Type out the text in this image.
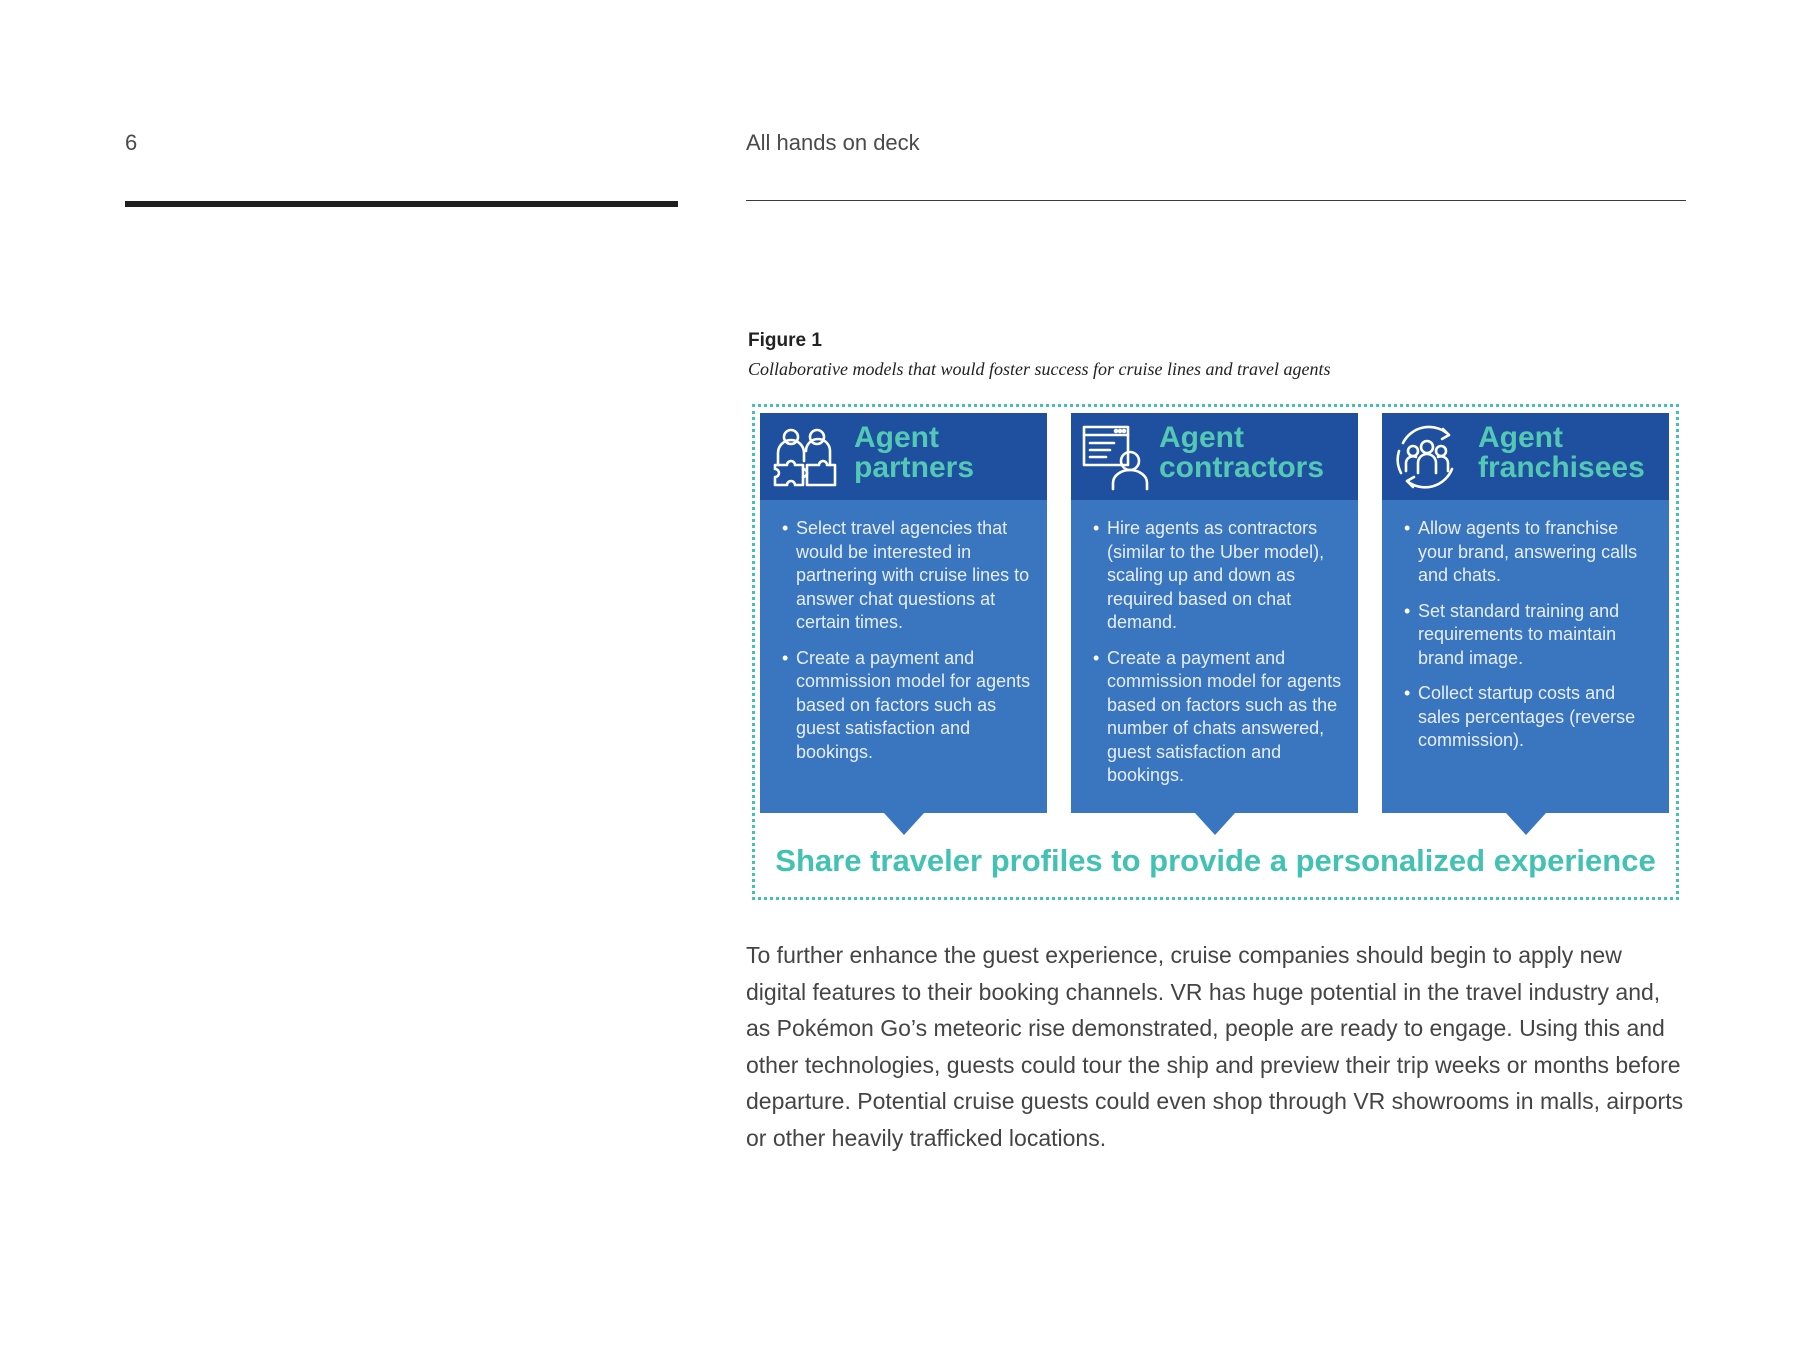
6	All hands on deck
Figure 1
Collaborative models that would foster success for cruise lines and travel agents
Agent
partners
• Select travel agencies that would be interested in partnering with cruise lines to answer chat questions at certain times.
• Create a payment and commission model for agents based on factors such as guest satisfaction and bookings.
Agent
contractors
• Hire agents as contractors (similar to the Uber model), scaling up and down as required based on chat demand.
• Create a payment and commission model for agents based on factors such as the number of chats answered, guest satisfaction and bookings.
Agent
franchisees
• Allow agents to franchise your brand, answering calls and chats.
• Set standard training and requirements to maintain brand image.
• Collect startup costs and sales percentages (reverse commission).
Share traveler profiles to provide a personalized experience

To further enhance the guest experience, cruise companies should begin to apply new digital features to their booking channels. VR has huge potential in the travel industry and, as Pokémon Go’s meteoric rise demonstrated, people are ready to engage. Using this and other technologies, guests could tour the ship and preview their trip weeks or months before departure. Potential cruise guests could even shop through VR showrooms in malls, airports or other heavily trafficked locations.
